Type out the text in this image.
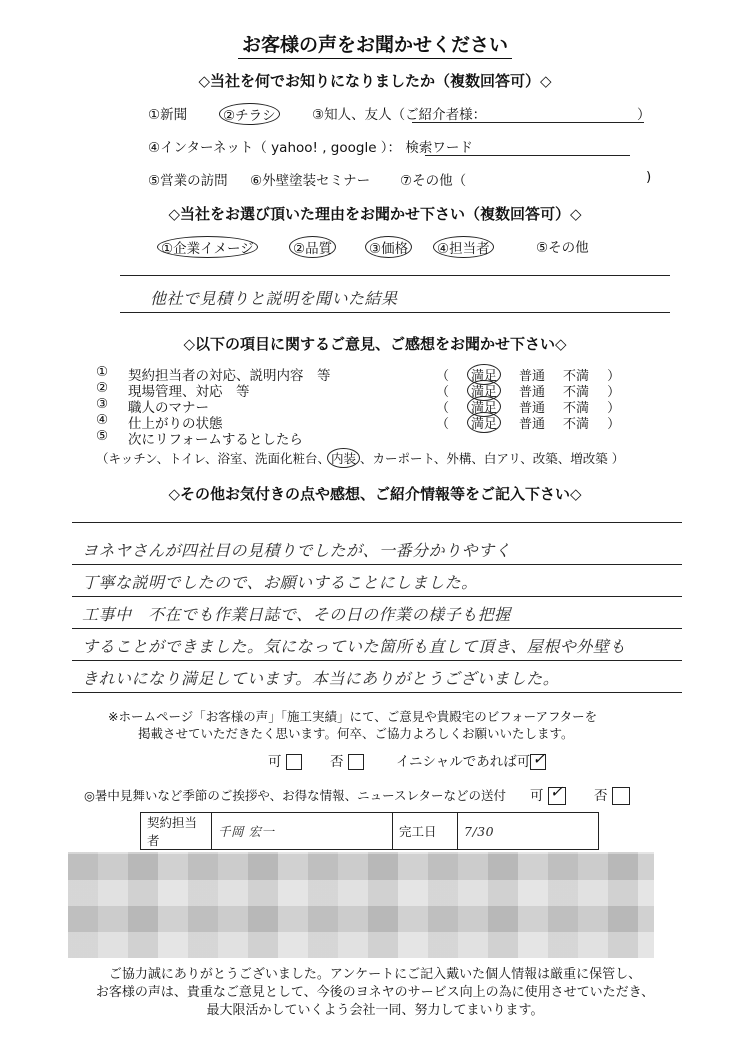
お客様の声をお聞かせください
◇当社を何でお知りになりましたか（複数回答可）◇
①新聞	②チラシ	③知人、友人（ご紹介者様：	）
④インターネット（ yahoo! , google ）： 検索ワード
⑤営業の訪問 ⑥外壁塗装セミナー ⑦その他（	)
◇当社をお選び頂いた理由をお聞かせ下さい（複数回答可）◇
①企業イメージ	②品質	③価格 ④担当者	⑤その他
他社で見積りと説明を聞いた結果
◇以下の項目に関するご意見、ご感想をお聞かせ下さい◇
① 契約担当者の対応、説明内容　等	（ 満足 普通 不満 ）
② 現場管理、対応　等	（ 満足 普通 不満 ）
③ 職人のマナー	（ 満足 普通 不満 ）
④ 仕上がりの状態	（ 満足 普通 不満 ）
⑤ 次にリフォームするとしたら
（キッチン、トイレ、浴室、洗面化粧台、内装 、カーポート、外構、白アリ、改築、増改築 ）
◇その他お気付きの点や感想、ご紹介情報等をご記入下さい◇
ヨネヤさんが四社目の見積りでしたが、一番分かりやすく
丁寧な説明でしたので、お願いすることにしました。
工事中　不在でも作業日誌で、その日の作業の様子も把握
することができました。気になっていた箇所も直して頂き、屋根や外壁も
きれいになり満足しています。本当にありがとうございました。
※ホームページ「お客様の声」「施工実績」にて、ご意見や貴殿宅のビフォーアフターを
掲載させていただきたく思います。何卒、ご協力よろしくお願いいたします。
可	否	イニシャルであれば可 ✓
◎暑中見舞いなど季節のご挨拶や、お得な情報、ニュースレターなどの送付 可 ✓ 否
契約担当者	千岡 宏一	完工日	7/30
ご協力誠にありがとうございました。アンケートにご記入戴いた個人情報は厳重に保管し、
お客様の声は、貴重なご意見として、今後のヨネヤのサービス向上の為に使用させていただき、
最大限活かしていくよう会社一同、努力してまいります。
